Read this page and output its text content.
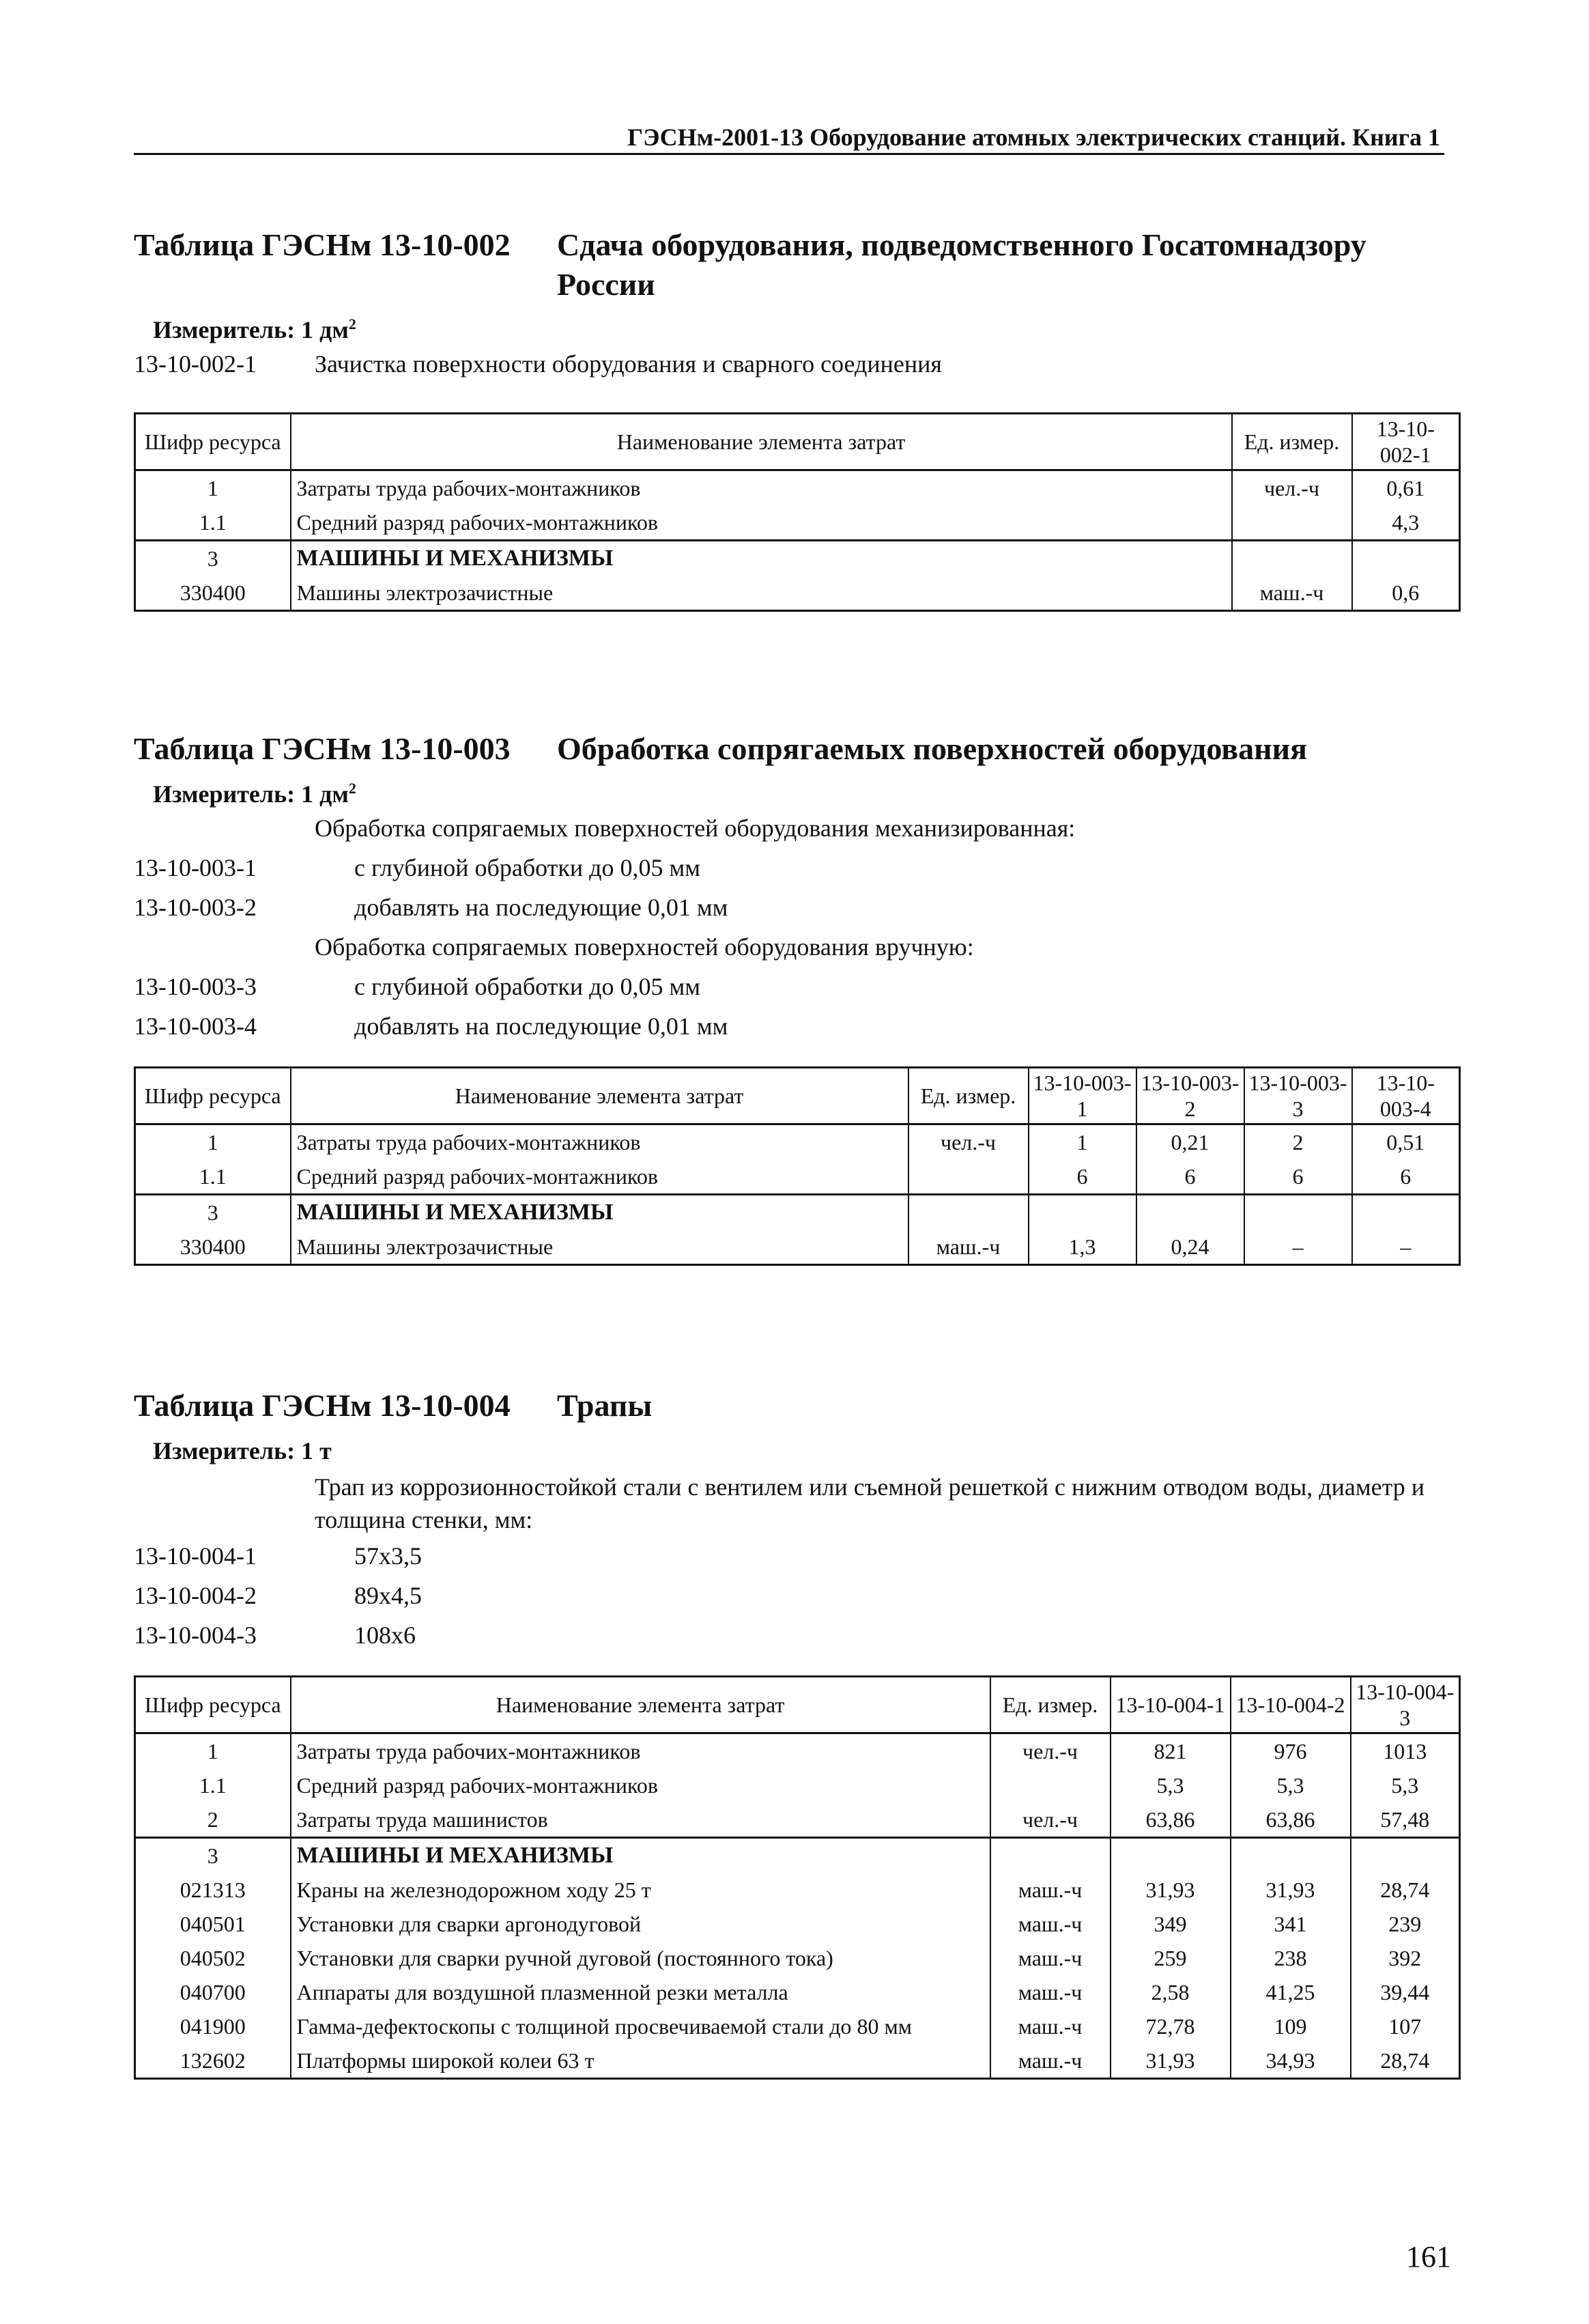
ГЭСНм-2001-13 Оборудование атомных электрических станций. Книга 1
Таблица ГЭСНм 13-10-002	Сдача оборудования, подведомственного Госатомнадзору России
Измеритель: 1 $дм^2$
13-10-002-1	Зачистка поверхности оборудования и сварного соединения
Шифр ресурса	Наименование элемента затрат	Ед. измер.	13-10-002-1
1	Затраты труда рабочих-монтажников	чел.-ч	0,61
1.1	Средний разряд рабочих-монтажников		4,3
3	МАШИНЫ И МЕХАНИЗМЫ		
330400	Машины электрозачистные	маш.-ч	0,6
Таблица ГЭСНм 13-10-003	Обработка сопрягаемых поверхностей оборудования
Измеритель: 1 $дм^2$
Обработка сопрягаемых поверхностей оборудования механизированная:
13-10-003-1	с глубиной обработки до 0,05 мм
13-10-003-2	добавлять на последующие 0,01 мм
Обработка сопрягаемых поверхностей оборудования вручную:
13-10-003-3	с глубиной обработки до 0,05 мм
13-10-003-4	добавлять на последующие 0,01 мм
Шифр ресурса	Наименование элемента затрат	Ед. измер.	13-10-003-1	13-10-003-2	13-10-003-3	13-10-003-4
1	Затраты труда рабочих-монтажников	чел.-ч	1	0,21	2	0,51
1.1	Средний разряд рабочих-монтажников		6	6	6	6
3	МАШИНЫ И МЕХАНИЗМЫ					
330400	Машины электрозачистные	маш.-ч	1,3	0,24	–	–
Таблица ГЭСНм 13-10-004	Трапы
Измеритель: 1 т
Трап из коррозионностойкой стали с вентилем или съемной решеткой с нижним отводом воды, диаметр и толщина стенки, мм:
13-10-004-1	57х3,5
13-10-004-2	89х4,5
13-10-004-3	108х6
Шифр ресурса	Наименование элемента затрат	Ед. измер.	13-10-004-1	13-10-004-2	13-10-004-3
1	Затраты труда рабочих-монтажников	чел.-ч	821	976	1013
1.1	Средний разряд рабочих-монтажников		5,3	5,3	5,3
2	Затраты труда машинистов	чел.-ч	63,86	63,86	57,48
3	МАШИНЫ И МЕХАНИЗМЫ				
021313	Краны на железнодорожном ходу 25 т	маш.-ч	31,93	31,93	28,74
040501	Установки для сварки аргонодуговой	маш.-ч	349	341	239
040502	Установки для сварки ручной дуговой (постоянного тока)	маш.-ч	259	238	392
040700	Аппараты для воздушной плазменной резки металла	маш.-ч	2,58	41,25	39,44
041900	Гамма-дефектоскопы с толщиной просвечиваемой стали до 80 мм	маш.-ч	72,78	109	107
132602	Платформы широкой колеи 63 т	маш.-ч	31,93	34,93	28,74
161
